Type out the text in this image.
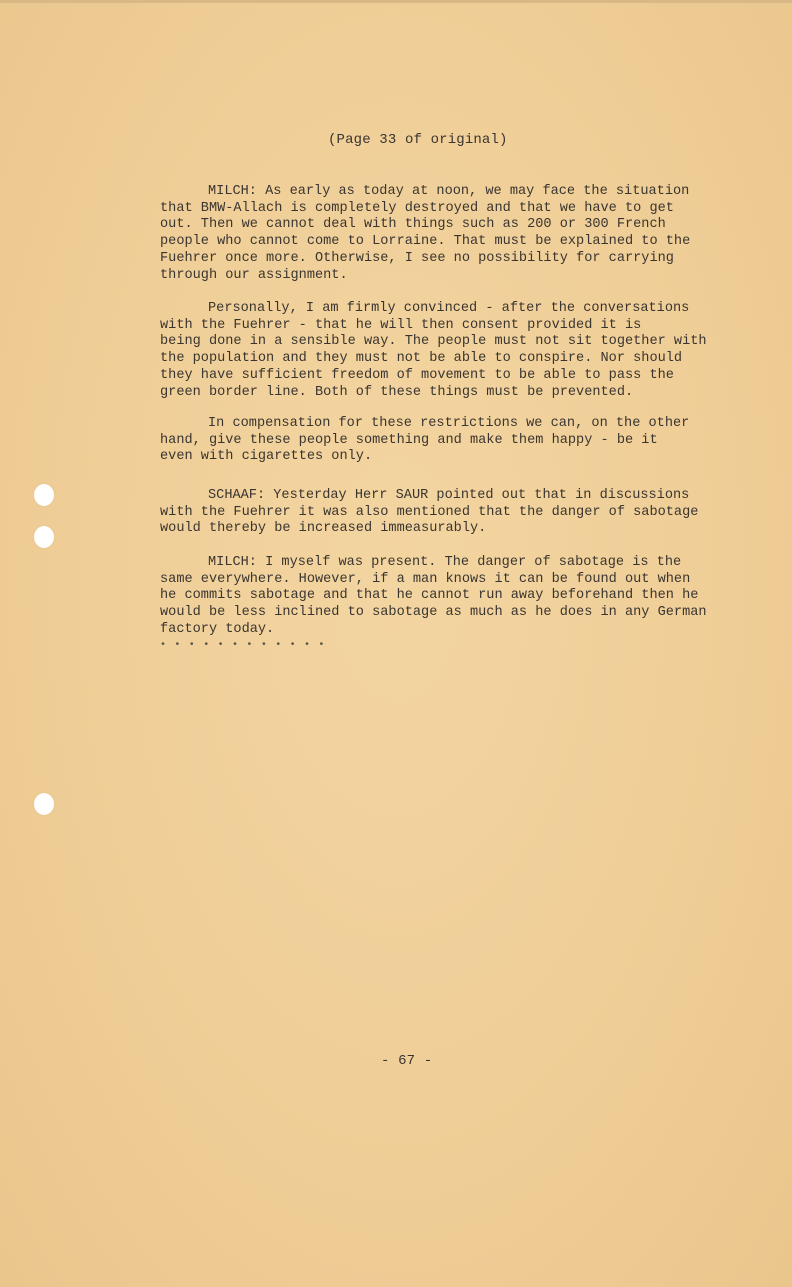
(Page 33 of original)
MILCH: As early as today at noon, we may face the situation
that BMW-Allach is completely destroyed and that we have to get
out. Then we cannot deal with things such as 200 or 300 French
people who cannot come to Lorraine. That must be explained to the
Fuehrer once more. Otherwise, I see no possibility for carrying
through our assignment.
Personally, I am firmly convinced - after the conversations
with the Fuehrer - that he will then consent provided it is
being done in a sensible way. The people must not sit together with
the population and they must not be able to conspire. Nor should
they have sufficient freedom of movement to be able to pass the
green border line. Both of these things must be prevented.
In compensation for these restrictions we can, on the other
hand, give these people something and make them happy - be it
even with cigarettes only.
SCHAAF: Yesterday Herr SAUR pointed out that in discussions
with the Fuehrer it was also mentioned that the danger of sabotage
would thereby be increased immeasurably.
MILCH: I myself was present. The danger of sabotage is the
same everywhere. However, if a man knows it can be found out when
he commits sabotage and that he cannot run away beforehand then he
would be less inclined to sabotage as much as he does in any German
factory today.
• • • • • • • • • • • •
- 67 -
